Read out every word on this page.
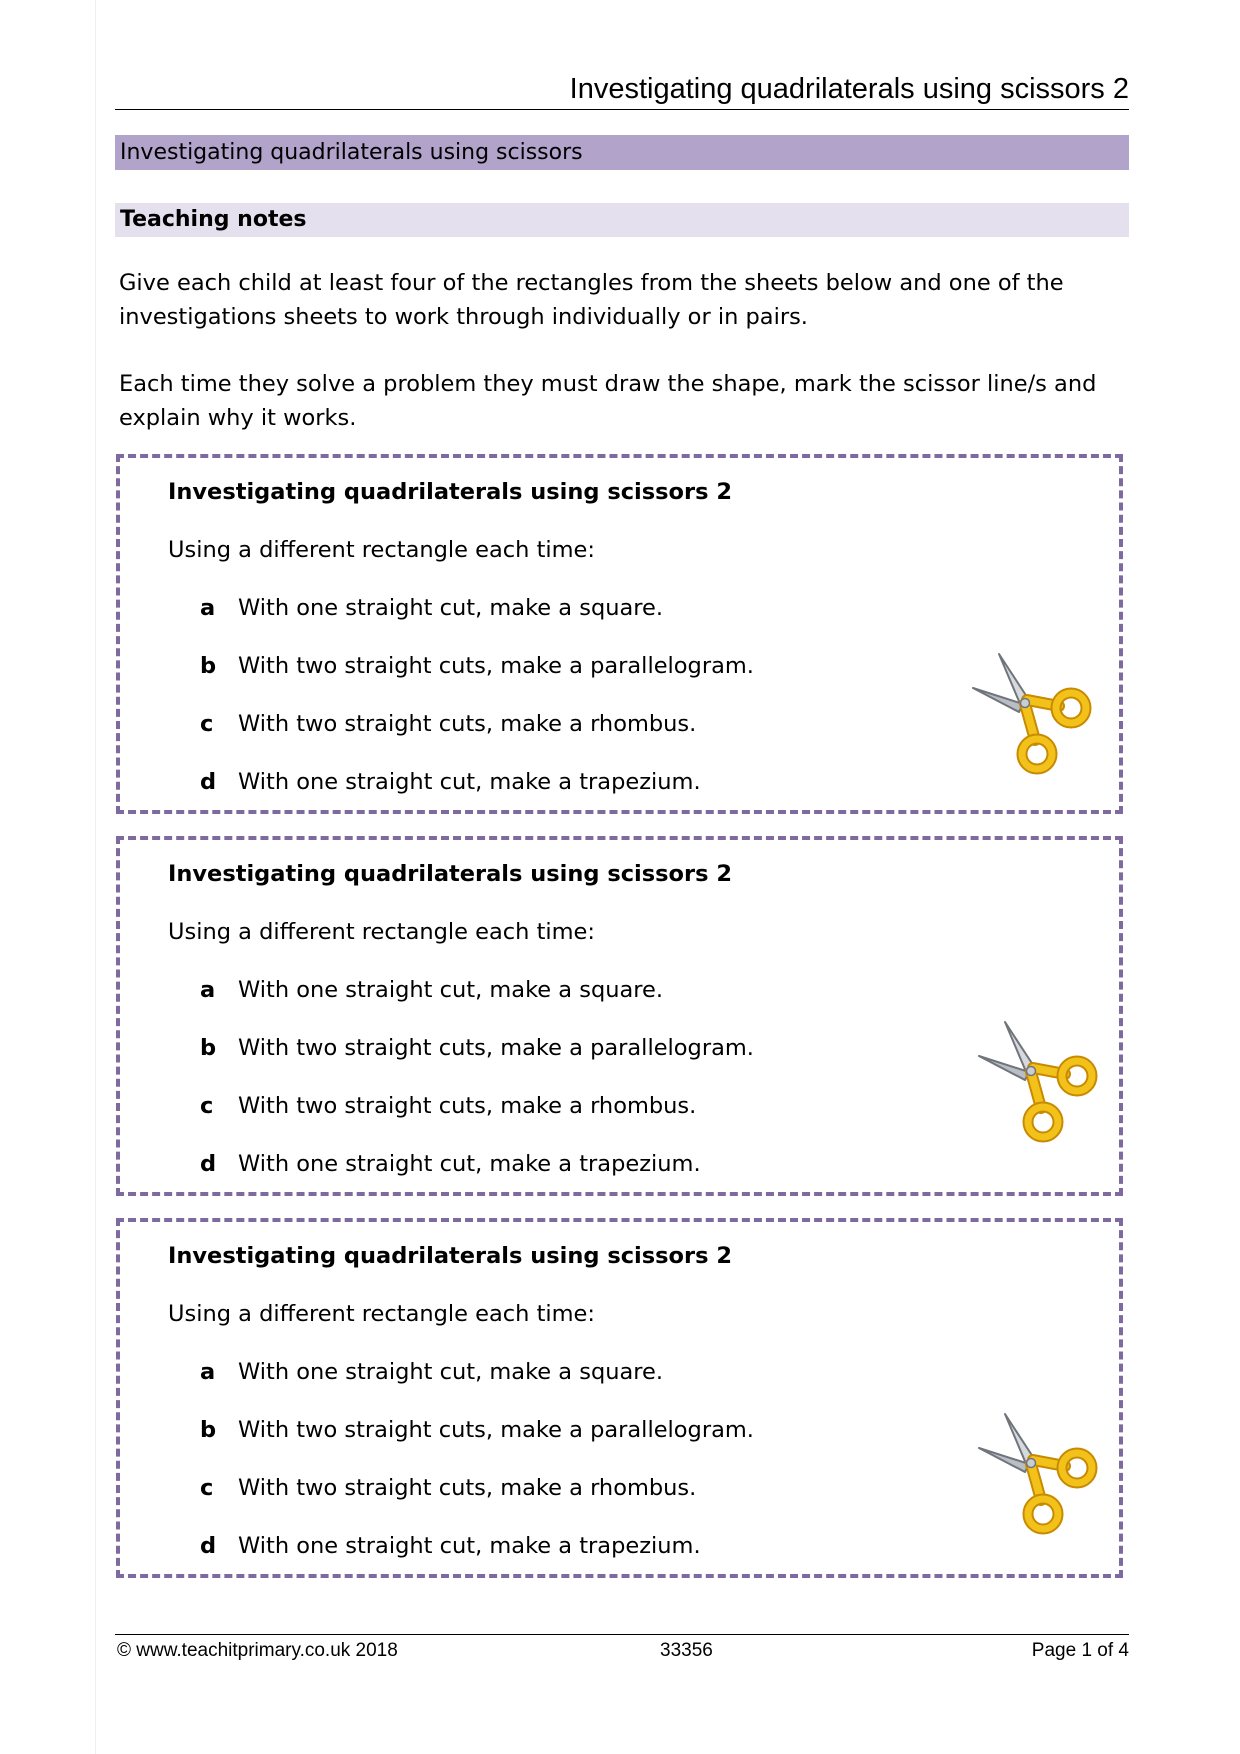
Investigating quadrilaterals using scissors 2
Investigating quadrilaterals using scissors
Teaching notes
Give each child at least four of the rectangles from the sheets below and one of the
investigations sheets to work through individually or in pairs.
Each time they solve a problem they must draw the shape, mark the scissor line/s and
explain why it works.
Investigating quadrilaterals using scissors 2
Using a different rectangle each time:
a With one straight cut, make a square.
b With two straight cuts, make a parallelogram.
c With two straight cuts, make a rhombus.
d With one straight cut, make a trapezium.
Investigating quadrilaterals using scissors 2
Using a different rectangle each time:
a With one straight cut, make a square.
b With two straight cuts, make a parallelogram.
c With two straight cuts, make a rhombus.
d With one straight cut, make a trapezium.
Investigating quadrilaterals using scissors 2
Using a different rectangle each time:
a With one straight cut, make a square.
b With two straight cuts, make a parallelogram.
c With two straight cuts, make a rhombus.
d With one straight cut, make a trapezium.
© www.teachitprimary.co.uk 2018	33356	Page 1 of 4
